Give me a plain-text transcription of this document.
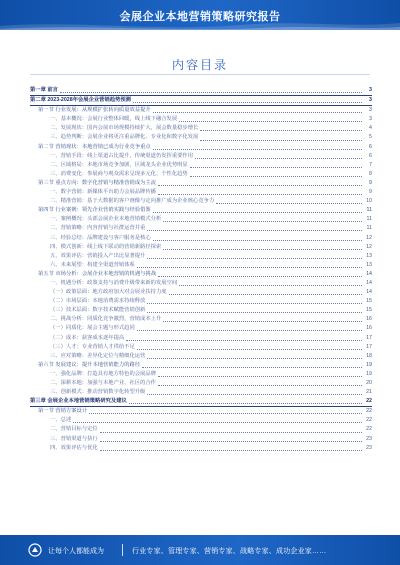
会展企业本地营销策略研究报告
内容目录
第一章 前言	3
第二章 2023-2028年会展企业营销趋势预测	3
第一节 行业发展：从规模扩张转向质量效益提升	3
一、基本概况：会展行业整体回暖，线上线下融合发展	3
二、发展现状：国内会展市场规模持续扩大，展会数量稳步增长	4
三、趋势判断：会展企业将更注重品牌化、专业化和数字化发展	5
第二节 营销现状：本地营销已成为行业竞争重点	6
一、营销手段：线上渠道占比提升，传统渠道仍发挥重要作用	6
二、区域格局：本地市场竞争加剧，区域龙头企业优势明显	7
三、消费变化：参展商与观众需求呈现多元化、个性化趋势	8
第三节 重点方向：数字化营销与精准营销成为主流	9
一、数字营销：新媒体平台助力会展品牌传播	9
二、精准营销：基于大数据的客户画像与定向推广成为企业核心竞争力	10
第四节 行业案例：领先企业营销实践与经验借鉴	11
一、案例概况：头部会展企业本地营销模式分析	11
二、营销策略：内容营销与社群运营并重	11
三、经验总结：品牌建设与客户服务是核心	12
四、模式创新：线上线下联动的营销新路径探索	12
五、效果评估：营销投入产出比显著提升	13
六、未来展望：构建全渠道营销体系	13
第五节 市场分析：会展企业本地营销的机遇与挑战	14
一、机遇分析：政策支持与消费升级带来新的发展空间	14
（一）政策层面：地方政府加大对会展业扶持力度	14
（二）市场层面：本地消费需求持续释放	15
（三）技术层面：数字技术赋能营销创新	15
二、挑战分析：同质化竞争激烈，营销成本上升	16
（一）同质化：展会主题与形式趋同	16
（二）成本：获客成本逐年提高	17
（三）人才：专业营销人才供给不足	17
三、应对策略：差异化定位与精细化运营	18
第六节 发展建议：提升本地营销能力的路径	19
一、强化品牌：打造具有地方特色的会展品牌	19
二、深耕本地：加强与本地产业、社区的合作	20
三、创新模式：推动营销数字化转型升级	21
第三章 会展企业本地营销策略研究及建议	22
第一节 营销方案设计	22
一、总述	22
二、营销目标与定位	22
三、营销渠道与执行	23
四、效果评估与优化	23
让每个人都能成为	行业专家、管理专家、营销专家、战略专家、成功企业家……
